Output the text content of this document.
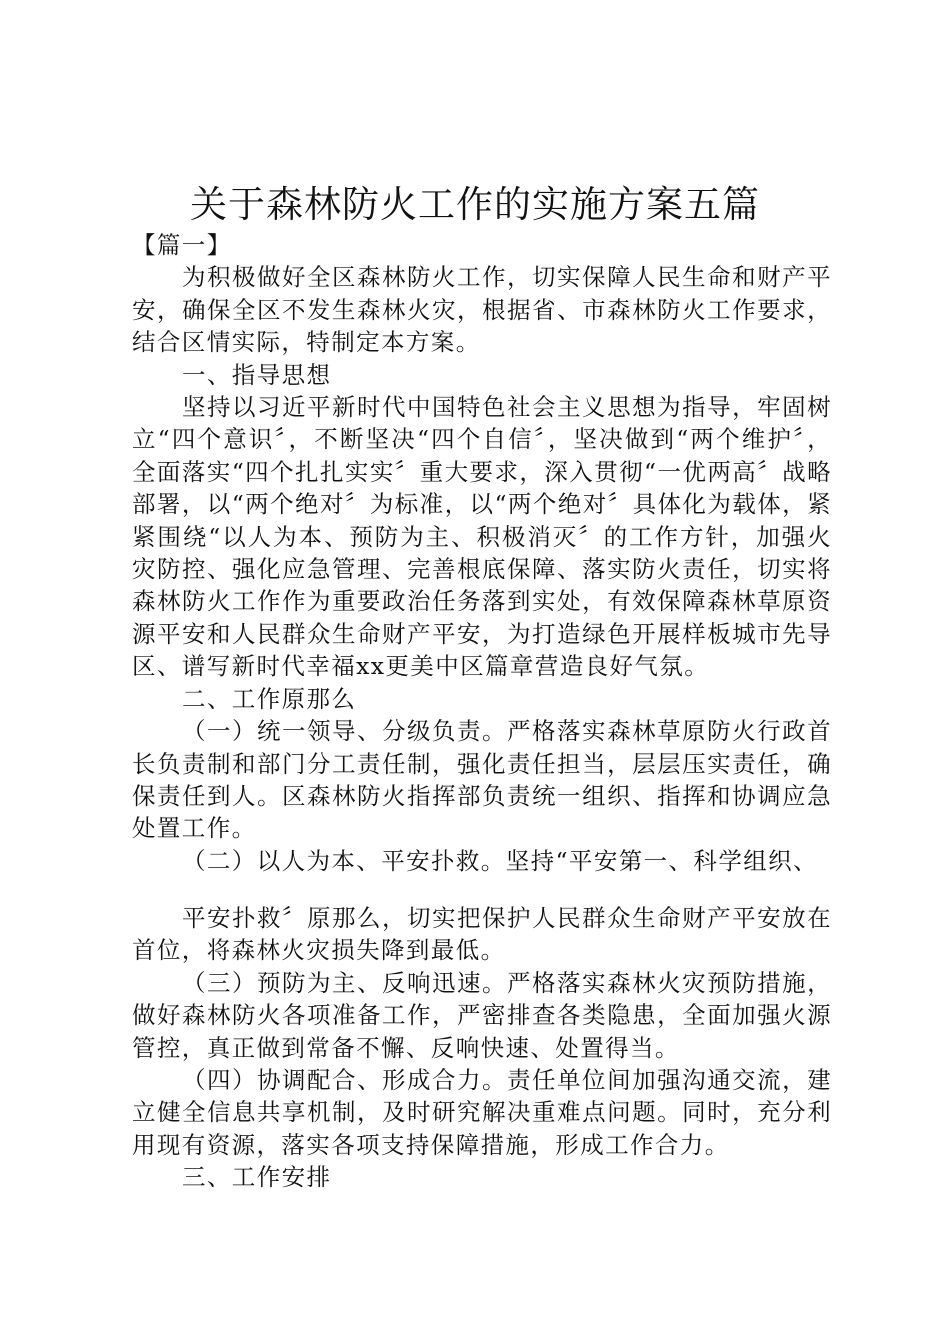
关于森林防火工作的实施方案五篇

【篇一】

为积极做好全区森林防火工作，切实保障人民生命和财产平安，确保全区不发生森林火灾，根据省、市森林防火工作要求，结合区情实际，特制定本方案。

一、指导思想

坚持以习近平新时代中国特色社会主义思想为指导，牢固树立“四个意识〞，不断坚决“四个自信〞，坚决做到“两个维护〞，全面落实“四个扎扎实实〞重大要求，深入贯彻“一优两高〞战略部署，以“两个绝对〞为标准，以“两个绝对〞具体化为载体，紧紧围绕“以人为本、预防为主、积极消灭〞的工作方针，加强火灾防控、强化应急管理、完善根底保障、落实防火责任，切实将森林防火工作作为重要政治任务落到实处，有效保障森林草原资源平安和人民群众生命财产平安，为打造绿色开展样板城市先导区、谱写新时代幸福xx更美中区篇章营造良好气氛。

二、工作原那么

（一）统一领导、分级负责。严格落实森林草原防火行政首长负责制和部门分工责任制，强化责任担当，层层压实责任，确保责任到人。区森林防火指挥部负责统一组织、指挥和协调应急处置工作。

（二）以人为本、平安扑救。坚持“平安第一、科学组织、

平安扑救〞原那么，切实把保护人民群众生命财产平安放在首位，将森林火灾损失降到最低。

（三）预防为主、反响迅速。严格落实森林火灾预防措施，做好森林防火各项准备工作，严密排查各类隐患，全面加强火源管控，真正做到常备不懈、反响快速、处置得当。

（四）协调配合、形成合力。责任单位间加强沟通交流，建立健全信息共享机制，及时研究解决重难点问题。同时，充分利用现有资源，落实各项支持保障措施，形成工作合力。

三、工作安排
